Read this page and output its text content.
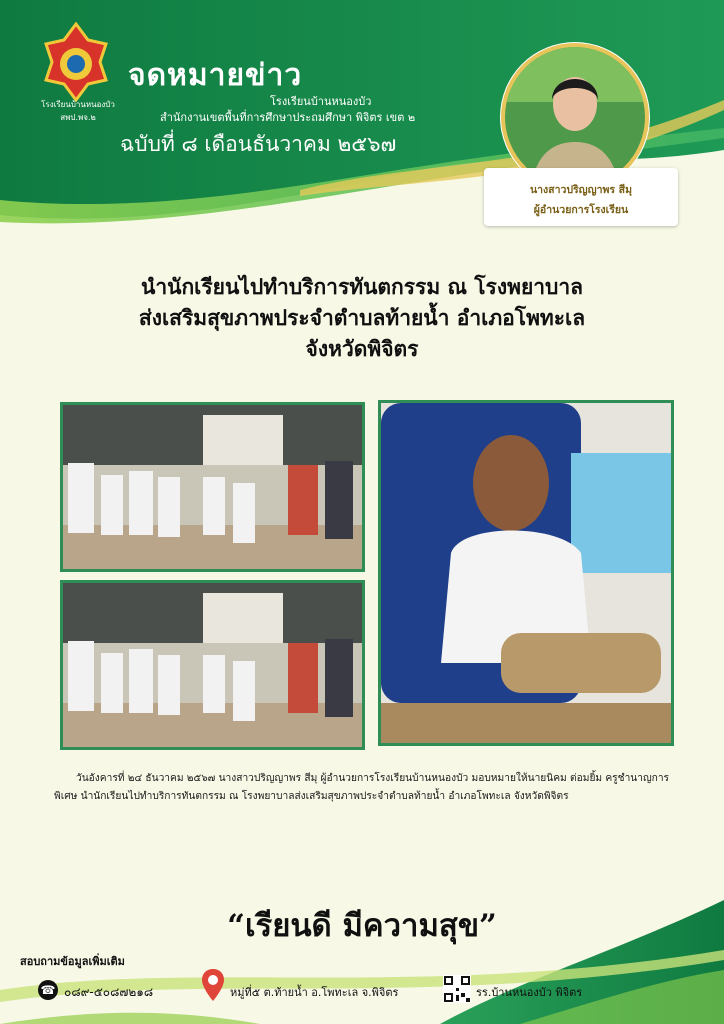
โรงเรียนบ้านหนองบัว สพป.พจ.๒
จดหมายข่าว
โรงเรียนบ้านหนองบัว
สำนักงานเขตพื้นที่การศึกษาประถมศึกษา พิจิตร เขต ๒
ฉบับที่ ๘ เดือนธันวาคม ๒๕๖๗
นางสาวปริญญาพร สีมุ
ผู้อำนวยการโรงเรียน
นำนักเรียนไปทำบริการทันตกรรม ณ โรงพยาบาล
ส่งเสริมสุขภาพประจำตำบลท้ายน้ำ อำเภอโพทะเล
จังหวัดพิจิตร
วันอังคารที่ ๒๔ ธันวาคม ๒๕๖๗ นางสาวปริญญาพร สีมุ ผู้อำนวยการโรงเรียนบ้านหนองบัว มอบหมายให้นายนิคม ต่อมยิ้ม ครูชำนาญการพิเศษ นำนักเรียนไปทำบริการทันตกรรม ณ โรงพยาบาลส่งเสริมสุขภาพประจำตำบลท้ายน้ำ อำเภอโพทะเล จังหวัดพิจิตร
“เรียนดี มีความสุข”
สอบถามข้อมูลเพิ่มเติม
☎ ๐๘๙-๕๐๘๗๒๑๘	หมู่ที่๕ ต.ท้ายน้ำ อ.โพทะเล จ.พิจิตร	รร.บ้านหนองบัว พิจิตร
